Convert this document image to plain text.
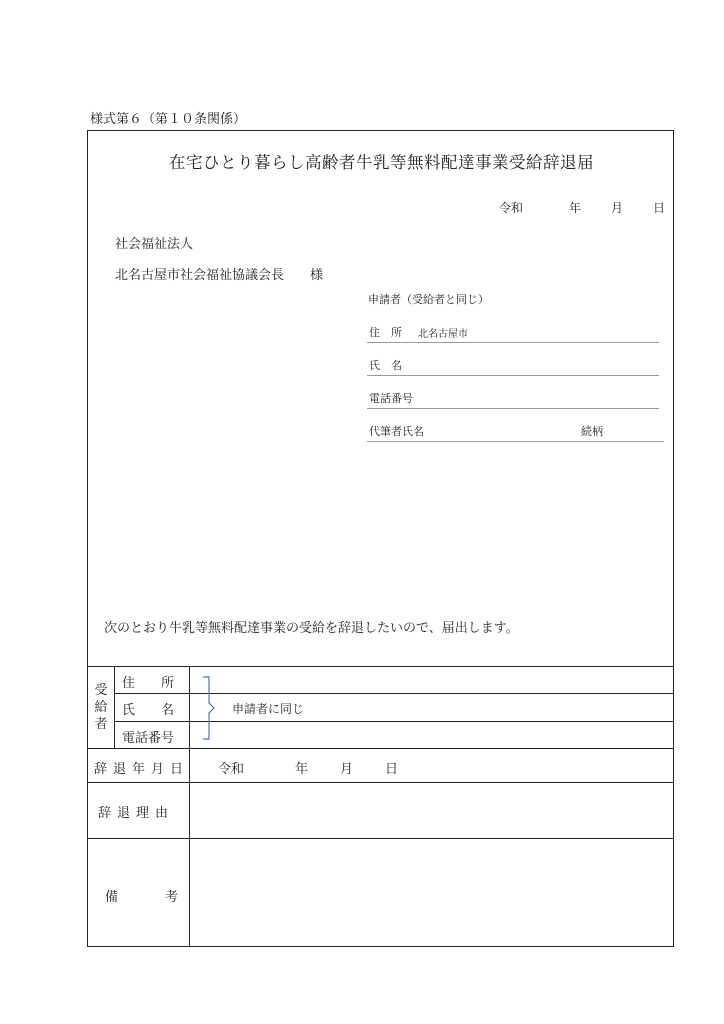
様式第６（第１０条関係）
在宅ひとり暮らし高齢者牛乳等無料配達事業受給辞退届
令和	年 月 日
社会福祉法人
北名古屋市社会福祉協議会長 様
申請者（受給者と同じ）
住　所 北名古屋市
氏　名
電話番号
代筆者氏名	続柄
次のとおり牛乳等無料配達事業の受給を辞退したいので、届出します。
受
給
者
住　　所
氏　　名
電話番号
申請者に同じ
辞退年月日 令和	年 月 日
辞退理由
備	考
